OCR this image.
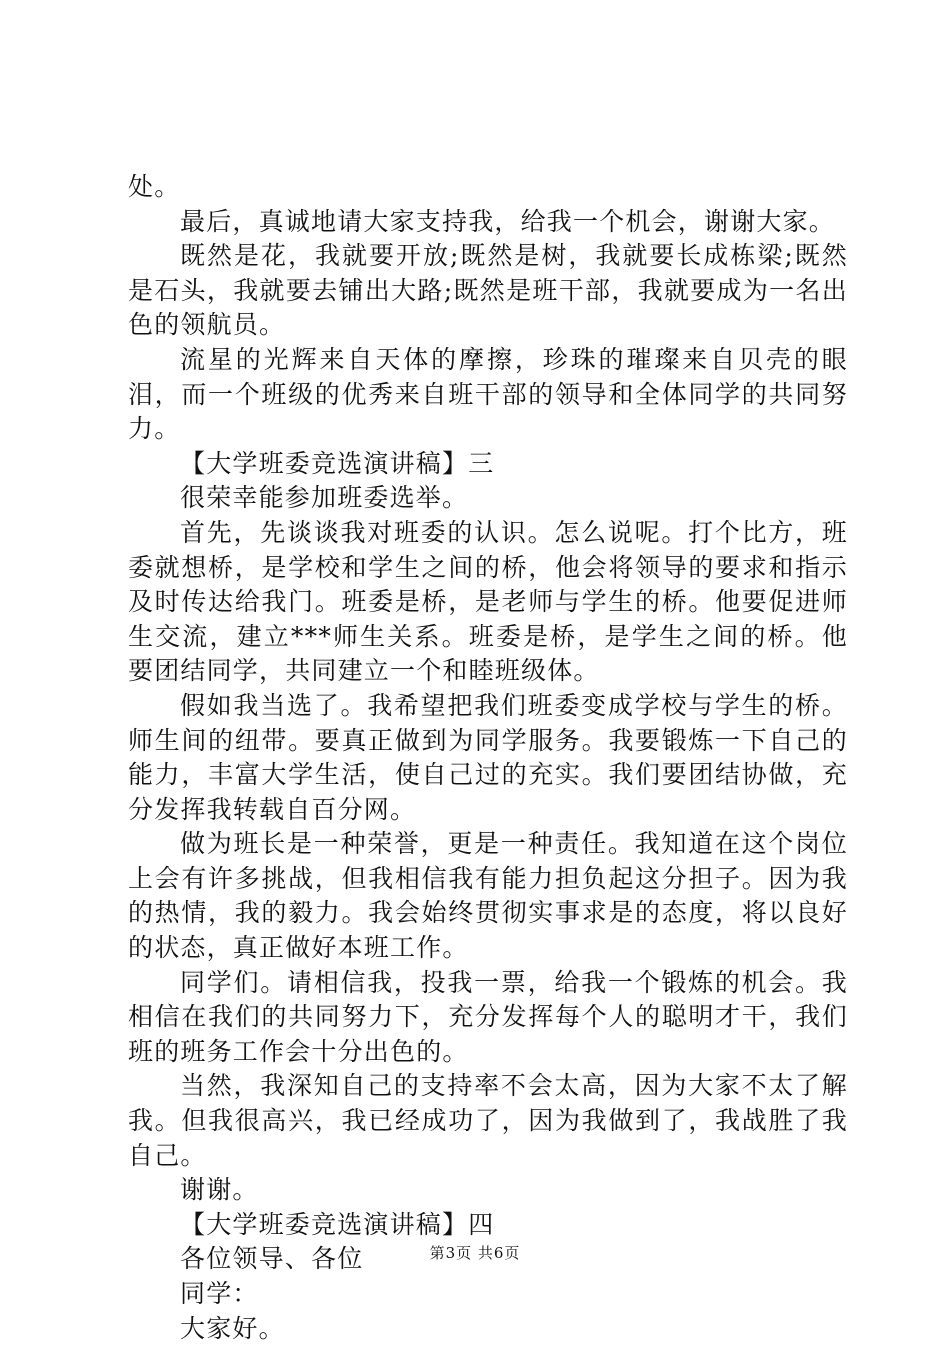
处。

最后，真诚地请大家支持我，给我一个机会，谢谢大家。

既然是花，我就要开放;既然是树，我就要长成栋梁;既然是石头，我就要去铺出大路;既然是班干部，我就要成为一名出色的领航员。

流星的光辉来自天体的摩擦，珍珠的璀璨来自贝壳的眼泪，而一个班级的优秀来自班干部的领导和全体同学的共同努力。

【大学班委竞选演讲稿】三

很荣幸能参加班委选举。

首先，先谈谈我对班委的认识。怎么说呢。打个比方，班委就想桥，是学校和学生之间的桥，他会将领导的要求和指示及时传达给我门。班委是桥，是老师与学生的桥。他要促进师生交流，建立***师生关系。班委是桥，是学生之间的桥。他要团结同学，共同建立一个和睦班级体。

假如我当选了。我希望把我们班委变成学校与学生的桥。师生间的纽带。要真正做到为同学服务。我要锻炼一下自己的能力，丰富大学生活，使自己过的充实。我们要团结协做，充分发挥我转载自百分网。

做为班长是一种荣誉，更是一种责任。我知道在这个岗位上会有许多挑战，但我相信我有能力担负起这分担子。因为我的热情，我的毅力。我会始终贯彻实事求是的态度，将以良好的状态，真正做好本班工作。

同学们。请相信我，投我一票，给我一个锻炼的机会。我相信在我们的共同努力下，充分发挥每个人的聪明才干，我们班的班务工作会十分出色的。

当然，我深知自己的支持率不会太高，因为大家不太了解我。但我很高兴，我已经成功了，因为我做到了，我战胜了我自己。

谢谢。

【大学班委竞选演讲稿】四

各位领导、各位

同学：

大家好。

第3页 共6页
